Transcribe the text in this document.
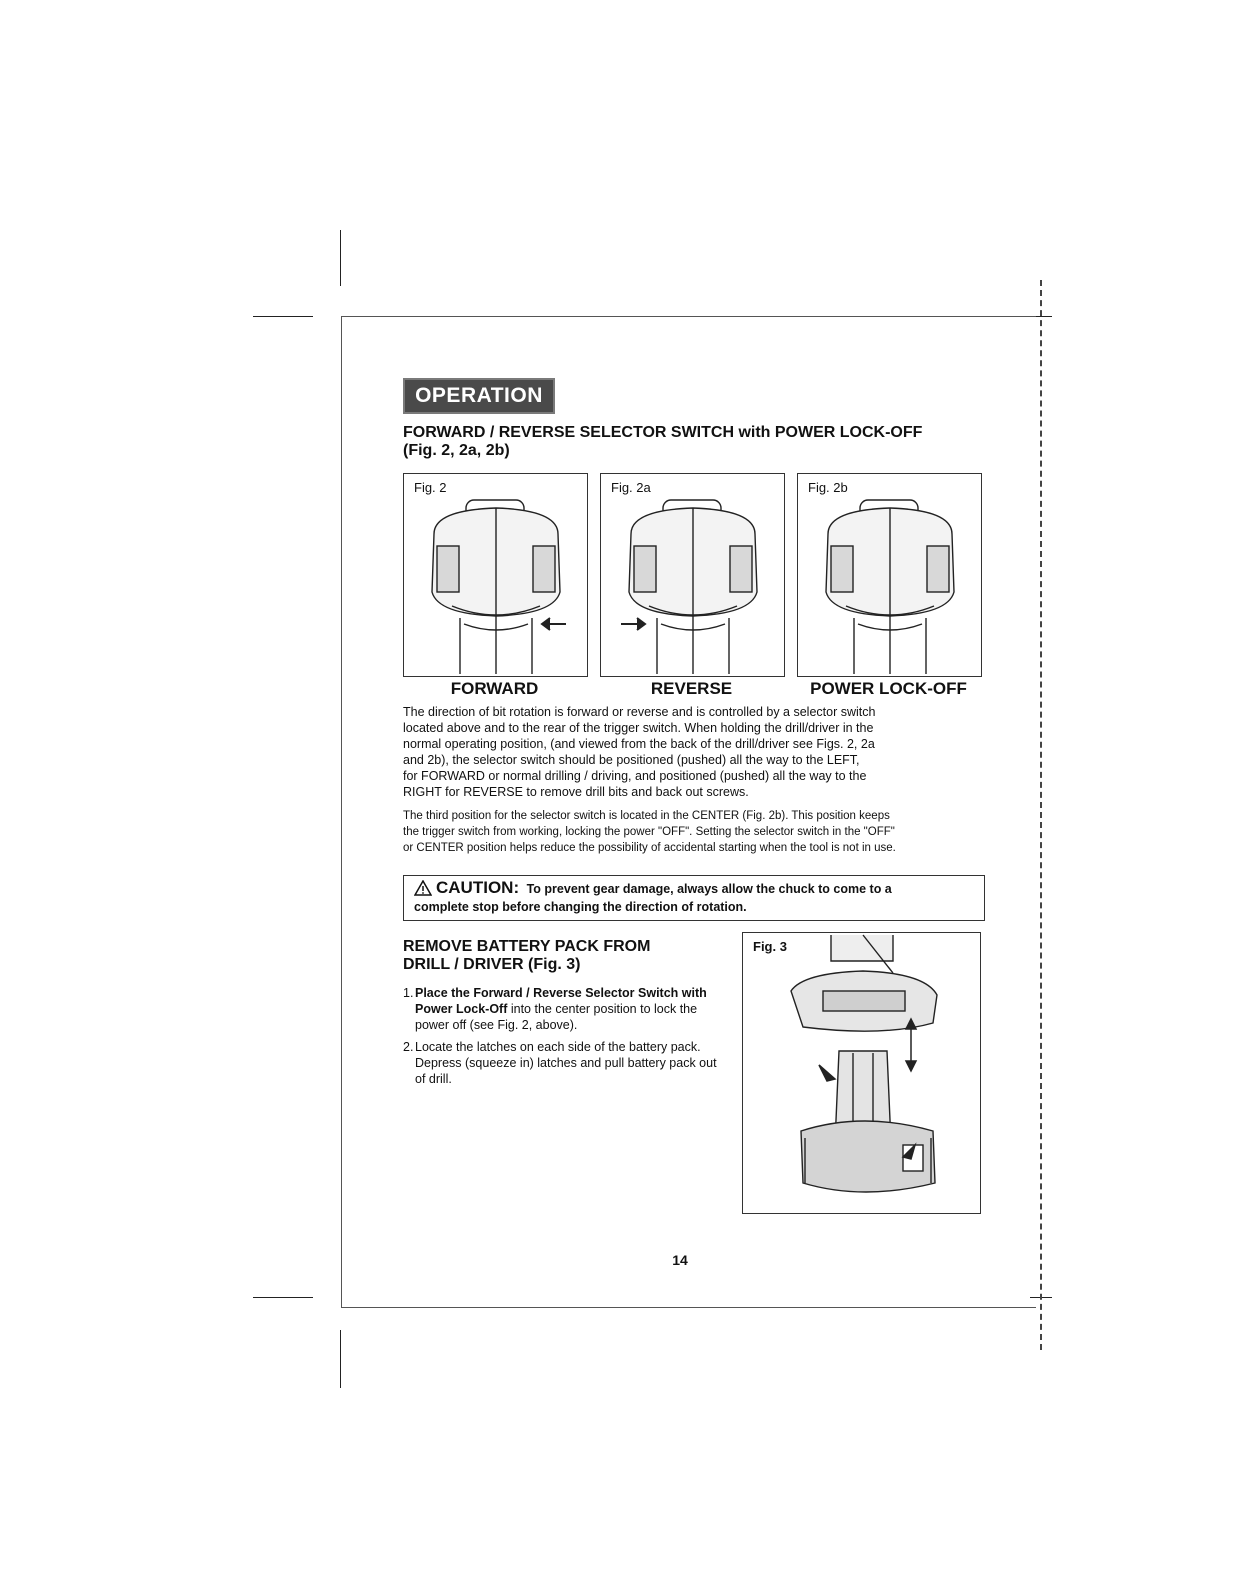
OPERATION
FORWARD / REVERSE SELECTOR SWITCH with POWER LOCK-OFF
(Fig. 2, 2a, 2b)
Fig. 2
FORWARD
Fig. 2a
REVERSE
Fig. 2b
POWER LOCK-OFF
The direction of bit rotation is forward or reverse and is controlled by a selector switch
located above and to the rear of the trigger switch. When holding the drill/driver in the
normal operating position, (and viewed from the back of the drill/driver see Figs. 2, 2a
and 2b), the selector switch should be positioned (pushed) all the way to the LEFT,
for FORWARD or normal drilling / driving, and positioned (pushed) all the way to the
RIGHT for REVERSE to remove drill bits and back out screws.
The third position for the selector switch is located in the CENTER (Fig. 2b). This position keeps
the trigger switch from working, locking the power "OFF". Setting the selector switch in the "OFF"
or CENTER position helps reduce the possibility of accidental starting when the tool is not in use.
CAUTION: To prevent gear damage, always allow the chuck to come to a
complete stop before changing the direction of rotation.
REMOVE BATTERY PACK FROM
DRILL / DRIVER (Fig. 3)
1. Place the Forward / Reverse Selector Switch with Power Lock-Off into the center position to lock the power off (see Fig. 2, above).
2. Locate the latches on each side of the battery pack. Depress (squeeze in) latches and pull battery pack out of drill.
Fig. 3
14
